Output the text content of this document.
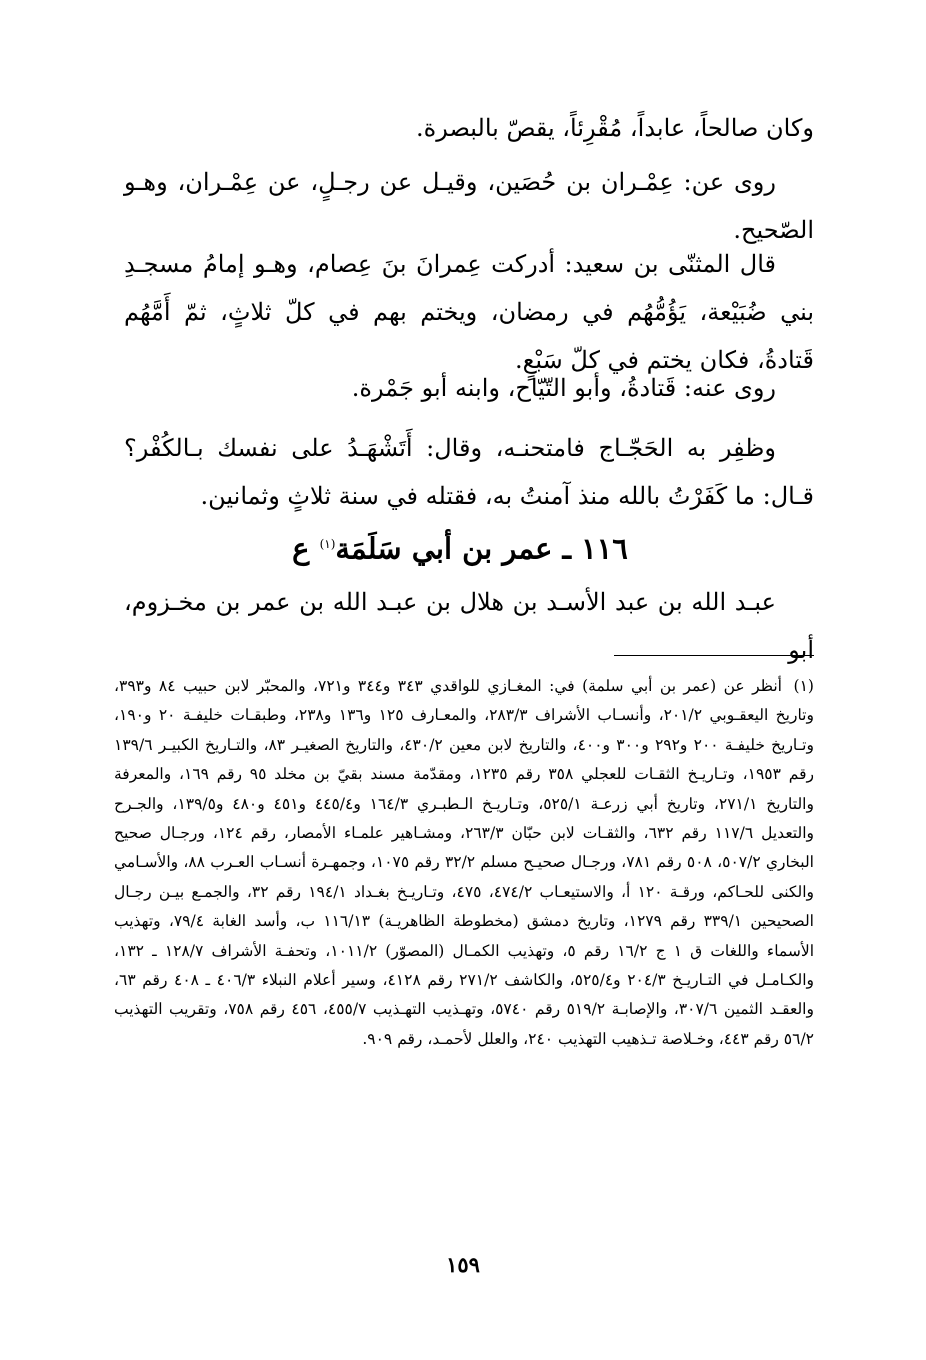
وكان صالحاً، عابداً، مُقْرِئاً، يقصّ بالبصرة.

روى عن: عِمْـران بن حُصَين، وقيـل عن رجـلٍ، عن عِمْـران، وهـو الصّحيح.

قال المثنّى بن سعيد: أدركت عِمرانَ بنَ عِصام، وهـو إمامُ مسجـدِ بني ضُبَيْعة، يَؤُمُّهُم في رمضان، ويختم بهم في كلّ ثلاثٍ، ثمّ أَمَّهُم قَتادةُ، فكان يختم في كلّ سَبْعٍ.

روى عنه: قَتادةُ، وأبو التّيّاح، وابنه أبو جَمْرة.

وظفِر به الحَجّـاج فامتحنـه، وقال: أَتَشْهَـدُ على نفسك بـالكُفْر؟ قـال: ما كَفَرْتُ بالله منذ آمنتُ به، فقتله في سنة ثلاثٍ وثمانين.

١١٦ ـ عمر بن أبي سَلَمَة$^{(١)}$ ع

عبـد الله بن عبد الأسـد بن هلال بن عبـد الله بن عمر بن مخـزوم، أبو

(١)أنظر عن (عمر بن أبي سلمة) في: المغـازي للواقدي ٣٤٣ و٣٤٤ و٧٢١، والمحبّر لابن حبيب ٨٤ و٣٩٣، وتاريخ اليعقـوبي ٢٠١/٢، وأنسـاب الأشراف ٢٨٣/٣، والمعـارف ١٢٥ و١٣٦ و٢٣٨، وطبقـات خليفـة ٢٠ و١٩٠، وتـاريخ خليفـة ٢٠٠ و٢٩٢ و٣٠٠ و٤٠٠، والتاريخ لابن معين ٤٣٠/٢، والتاريخ الصغيـر ٨٣، والتـاريخ الكبيـر ١٣٩/٦ رقم ١٩٥٣، وتـاريـخ الثقـات للعجلي ٣٥٨ رقم ١٢٣٥، ومقدّمة مسند بقيّ بن مخلد ٩٥ رقم ١٦٩، والمعرفة والتاريخ ٢٧١/١، وتاريخ أبي زرعـة ٥٢٥/١، وتـاريـخ الـطبـري ١٦٤/٣ و٤٤٥/٤ و٤٥١ و٤٨٠ و١٣٩/٥، والجـرح والتعديل ١١٧/٦ رقم ٦٣٢، والثقـات لابن حبّان ٢٦٣/٣، ومشـاهير علمـاء الأمصار، رقم ١٢٤، ورجـال صحيح البخاري ٥٠٧/٢، ٥٠٨ رقم ٧٨١، ورجـال صحيـح مسلم ٣٢/٢ رقم ١٠٧٥، وجمهـرة أنسـاب العـرب ٨٨، والأسـامي والكنى للحـاكم، ورقـة ١٢٠ أ، والاستيعـاب ٤٧٤/٢، ٤٧٥، وتـاريـخ بغـداد ١٩٤/١ رقم ٣٢، والجمـع بيـن رجـال الصحيحين ٣٣٩/١ رقم ١٢٧٩، وتاريخ دمشق (مخطوطة الظاهريـة) ١١٦/١٣ ب، وأسد الغابة ٧٩/٤، وتهذيب الأسماء واللغات ق ١ ج ١٦/٢ رقم ٥، وتهذيب الكمـال (المصوّر) ١٠١١/٢، وتحفـة الأشراف ١٢٨/٧ ـ ١٣٢، والكـامـل في التـاريـخ ٢٠٤/٣ و٥٢٥/٤، والكاشف ٢٧١/٢ رقم ٤١٢٨، وسير أعلام النبلاء ٤٠٦/٣ ـ ٤٠٨ رقم ٦٣، والعقـد الثمين ٣٠٧/٦، والإصابـة ٥١٩/٢ رقم ٥٧٤٠، وتهـذيب التهـذيب ٤٥٥/٧، ٤٥٦ رقم ٧٥٨، وتقريب التهذيب ٥٦/٢ رقم ٤٤٣، وخـلاصة تـذهيب التهذيب ٢٤٠، والعلل لأحمـد، رقم ٩٠٩.

١٥٩
